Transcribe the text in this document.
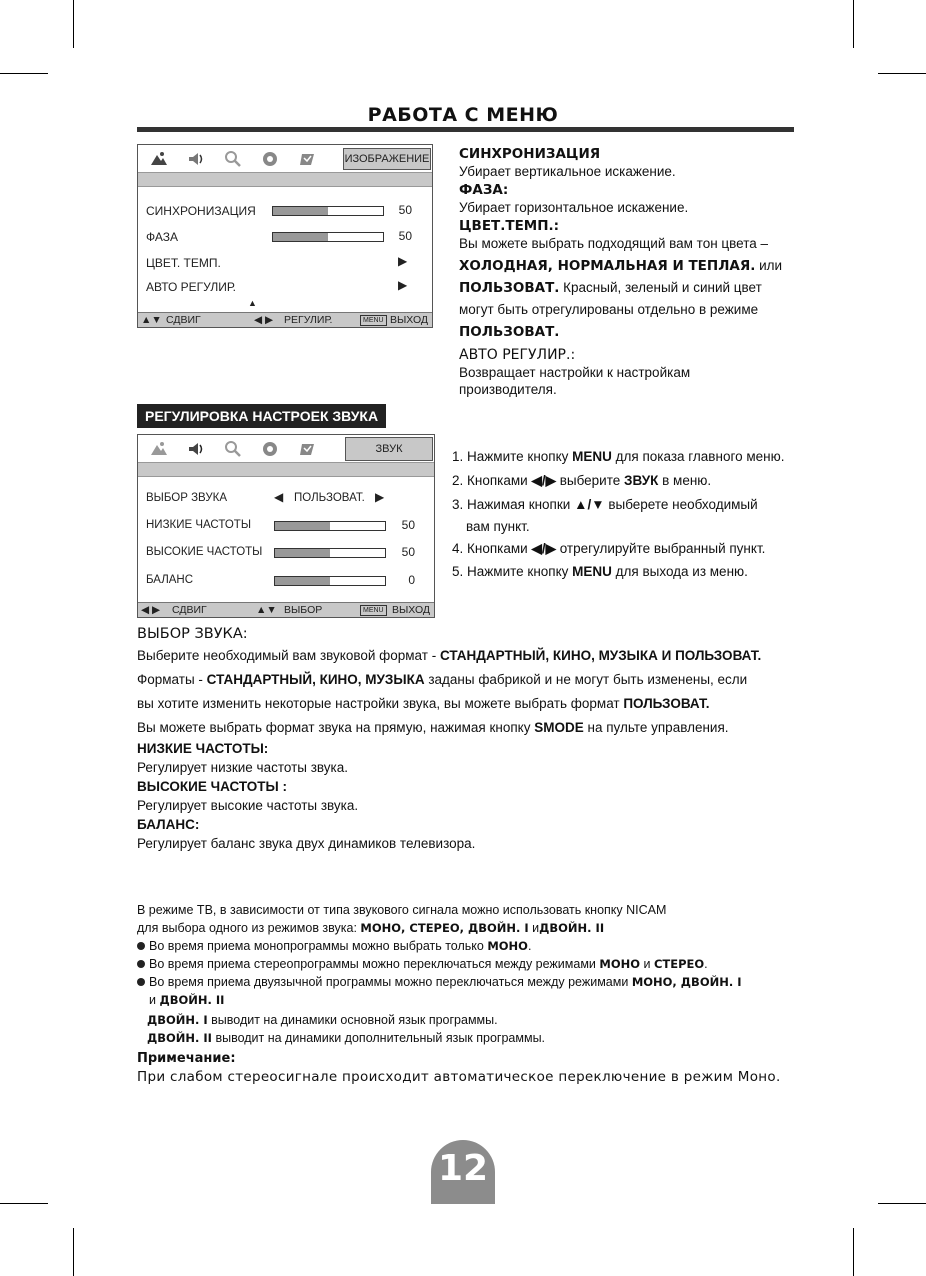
РАБОТА С МЕНЮ
ИЗОБРАЖЕНИЕ
СИНХРОНИЗАЦИЯ	50
ФАЗА	50
ЦВЕТ. ТЕМП.	▶
АВТО РЕГУЛИР.	▶
▲
▲▼ СДВИГ	◀ ▶ РЕГУЛИР.	MENU ВЫХОД
СИНХРОНИЗАЦИЯ
Убирает вертикальное искажение.
ФАЗА:
Убирает горизонтальное искажение.
ЦВЕТ.ТЕМП.:
Вы можете выбрать подходящий вам тон цвета –
ХОЛОДНАЯ, НОРМАЛЬНАЯ И ТЕПЛАЯ. или
ПОЛЬЗОВАТ. Красный, зеленый и синий цвет
могут быть отрегулированы отдельно в режиме
ПОЛЬЗОВАТ.
АВТО РЕГУЛИР.:
Возвращает настройки к настройкам
производителя.
РЕГУЛИРОВКА НАСТРОЕК ЗВУКА
ЗВУК
ВЫБОР ЗВУКА	◀ ПОЛЬЗОВАТ. ▶
НИЗКИЕ ЧАСТОТЫ	50
ВЫСОКИЕ ЧАСТОТЫ	50
БАЛАНС	0
◀ ▶ СДВИГ	▲▼ ВЫБОР	MENU ВЫХОД
1. Нажмите кнопку MENU для показа главного меню.
2. Кнопками ◀/▶ выберите ЗВУК в меню.
3. Нажимая кнопки ▲/▼ выберете необходимый
вам пункт.
4. Кнопками ◀/▶ отрегулируйте выбранный пункт.
5. Нажмите кнопку MENU для выхода из меню.
ВЫБОР ЗВУКА:
Выберите необходимый вам звуковой формат - СТАНДАРТНЫЙ, КИНО, МУЗЫКА И ПОЛЬЗОВАТ.
Форматы - СТАНДАРТНЫЙ, КИНО, МУЗЫКА заданы фабрикой и не могут быть изменены, если
вы хотите изменить некоторые настройки звука, вы можете выбрать формат ПОЛЬЗОВАТ.
Вы можете выбрать формат звука на прямую, нажимая кнопку SMODE на пульте управления.
НИЗКИЕ ЧАСТОТЫ:
Регулирует низкие частоты звука.
ВЫСОКИЕ ЧАСТОТЫ :
Регулирует высокие частоты звука.
БАЛАНС:
Регулирует баланс звука двух динамиков телевизора.
В режиме ТВ, в зависимости от типа звукового сигнала можно использовать кнопку NICAM
для выбора одного из режимов звука: МОНО, СТЕРЕО, ДВОЙН. I иДВОЙН. II
Во время приема монопрограммы можно выбрать только МОНО.
Во время приема стереопрограммы можно переключаться между режимами МОНО и СТЕРЕО.
Во время приема двуязычной программы можно переключаться между режимами МОНО, ДВОЙН. I
и ДВОЙН. II
ДВОЙН. I выводит на динамики основной язык программы.
ДВОЙН. II выводит на динамики дополнительный язык программы.
Примечание:
При слабом стереосигнале происходит автоматическое переключение в режим Моно.
12
